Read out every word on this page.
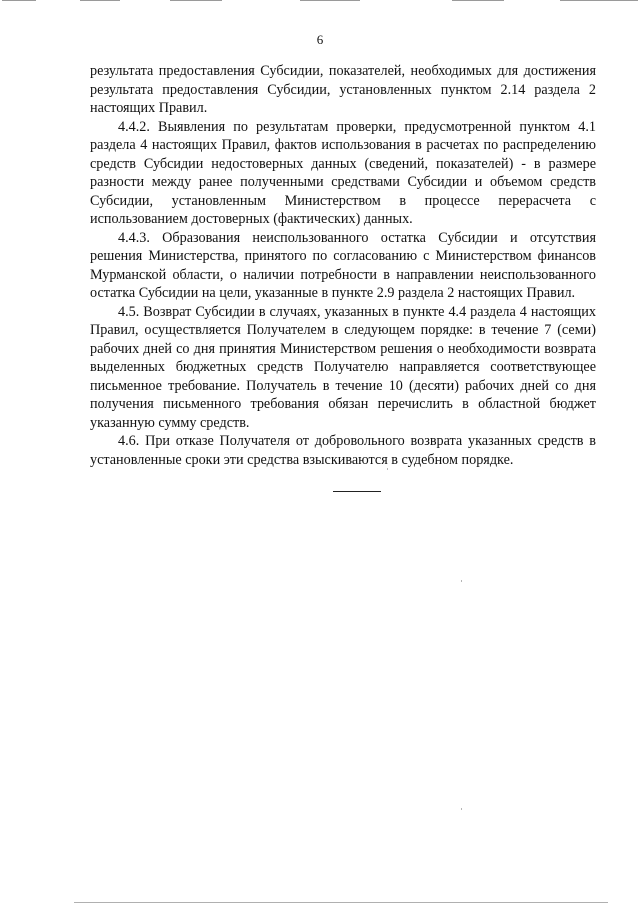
6

результата предоставления Субсидии, показателей, необходимых для достижения результата предоставления Субсидии, установленных пунктом 2.14 раздела 2 настоящих Правил.

4.4.2. Выявления по результатам проверки, предусмотренной пунктом 4.1 раздела 4 настоящих Правил, фактов использования в расчетах по распределению средств Субсидии недостоверных данных (сведений, показателей) - в размере разности между ранее полученными средствами Субсидии и объемом средств Субсидии, установленным Министерством в процессе перерасчета с использованием достоверных (фактических) данных.

4.4.3. Образования неиспользованного остатка Субсидии и отсутствия решения Министерства, принятого по согласованию с Министерством финансов Мурманской области, о наличии потребности в направлении неиспользованного остатка Субсидии на цели, указанные в пункте 2.9 раздела 2 настоящих Правил.

4.5. Возврат Субсидии в случаях, указанных в пункте 4.4 раздела 4 настоящих Правил, осуществляется Получателем в следующем порядке: в течение 7 (семи) рабочих дней со дня принятия Министерством решения о необходимости возврата выделенных бюджетных средств Получателю направляется соответствующее письменное требование. Получатель в течение 10 (десяти) рабочих дней со дня получения письменного требования обязан перечислить в областной бюджет указанную сумму средств.

4.6. При отказе Получателя от добровольного возврата указанных средств в установленные сроки эти средства взыскиваются в судебном порядке.
